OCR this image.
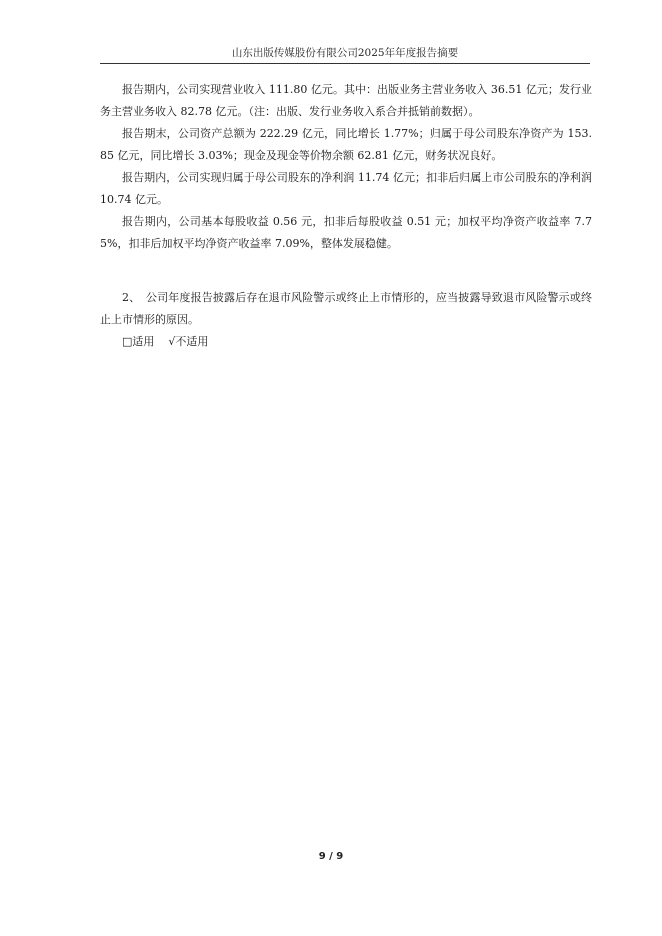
山东出版传媒股份有限公司2025年年度报告摘要

报告期内，公司实现营业收入 111.80 亿元。其中：出版业务主营业务收入 36.51 亿元；发行业务主营业务收入 82.78 亿元。（注：出版、发行业务收入系合并抵销前数据）。

报告期末，公司资产总额为 222.29 亿元，同比增长 1.77%；归属于母公司股东净资产为 153.85 亿元，同比增长 3.03%；现金及现金等价物余额 62.81 亿元，财务状况良好。

报告期内，公司实现归属于母公司股东的净利润 11.74 亿元；扣非后归属上市公司股东的净利润 10.74 亿元。

报告期内，公司基本每股收益 0.56 元，扣非后每股收益 0.51 元；加权平均净资产收益率 7.75%，扣非后加权平均净资产收益率 7.09%，整体发展稳健。

2、　公司年度报告披露后存在退市风险警示或终止上市情形的，应当披露导致退市风险警示或终止上市情形的原因。

□适用 √不适用
9 / 9
